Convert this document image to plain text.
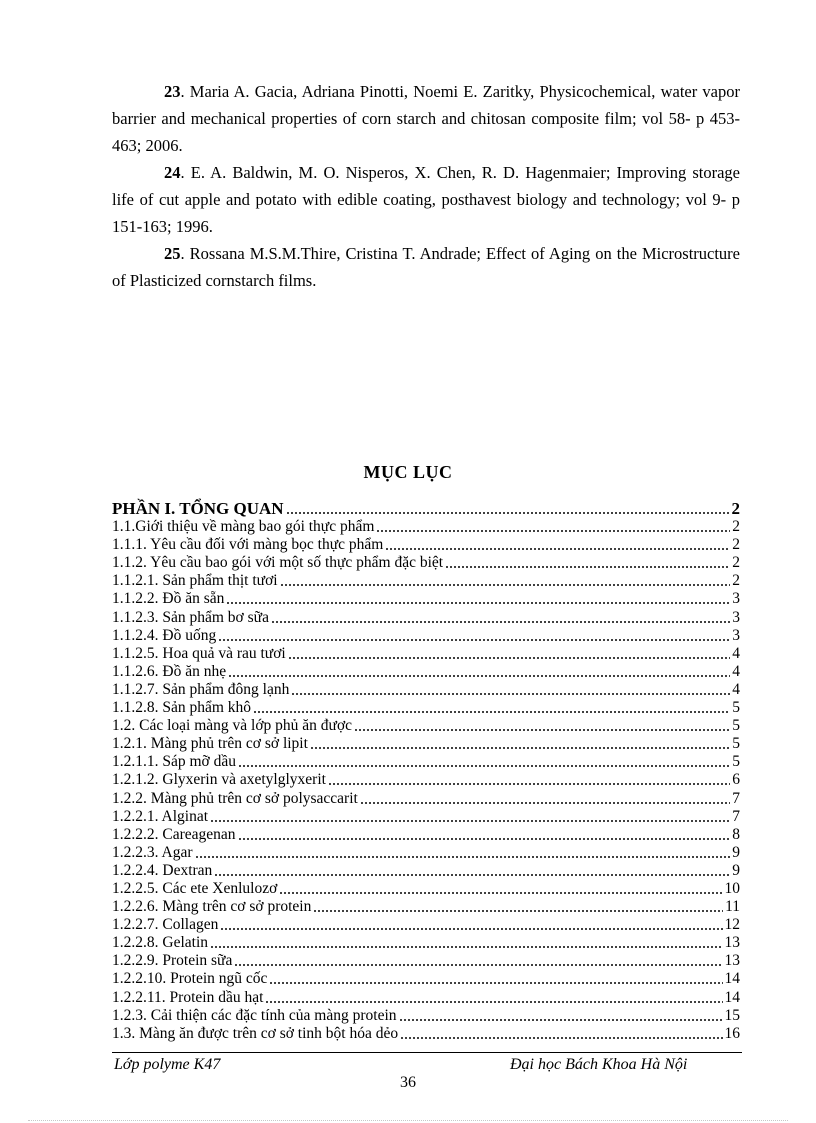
23. Maria A. Gacia, Adriana Pinotti, Noemi E. Zaritky, Physicochemical, water vapor barrier and mechanical properties of corn starch and chitosan composite film; vol 58- p 453- 463; 2006.

24. E. A. Baldwin, M. O. Nisperos, X. Chen, R. D. Hagenmaier; Improving storage life of cut apple and potato with edible coating, posthavest biology and technology; vol 9- p 151-163; 1996.

25. Rossana M.S.M.Thire, Cristina T. Andrade; Effect of Aging on the Microstructure of Plasticized cornstarch films.

MỤC LỤC
PHẦN I. TỔNG QUAN	2
1.1.Giới thiệu về màng bao gói thực phẩm	2
1.1.1. Yêu cầu đối với màng bọc thực phẩm	2
1.1.2. Yêu cầu bao gói với một số thực phẩm đặc biệt	2
1.1.2.1. Sản phẩm thịt tươi	2
1.1.2.2. Đồ ăn sẵn	3
1.1.2.3. Sản phẩm bơ sữa	3
1.1.2.4. Đồ uống	3
1.1.2.5. Hoa quả và rau tươi	4
1.1.2.6. Đồ ăn nhẹ	4
1.1.2.7. Sản phẩm đông lạnh	4
1.1.2.8. Sản phẩm khô	5
1.2. Các loại màng và lớp phủ ăn được	5
1.2.1. Màng phủ trên cơ sở lipit	5
1.2.1.1. Sáp mỡ dầu	5
1.2.1.2. Glyxerin và axetylglyxerit	6
1.2.2. Màng phủ trên cơ sở polysaccarit	7
1.2.2.1. Alginat	7
1.2.2.2. Careagenan	8
1.2.2.3. Agar	9
1.2.2.4. Dextran	9
1.2.2.5. Các ete Xenlulozơ	10
1.2.2.6. Màng trên cơ sở protein	11
1.2.2.7. Collagen	12
1.2.2.8. Gelatin	13
1.2.2.9. Protein sữa	13
1.2.2.10. Protein ngũ cốc	14
1.2.2.11. Protein dầu hạt	14
1.2.3. Cải thiện các đặc tính của màng protein	15
1.3. Màng ăn được trên cơ sở tinh bột hóa dẻo	16
Lớp polyme K47	Đại học Bách Khoa Hà Nội
36
